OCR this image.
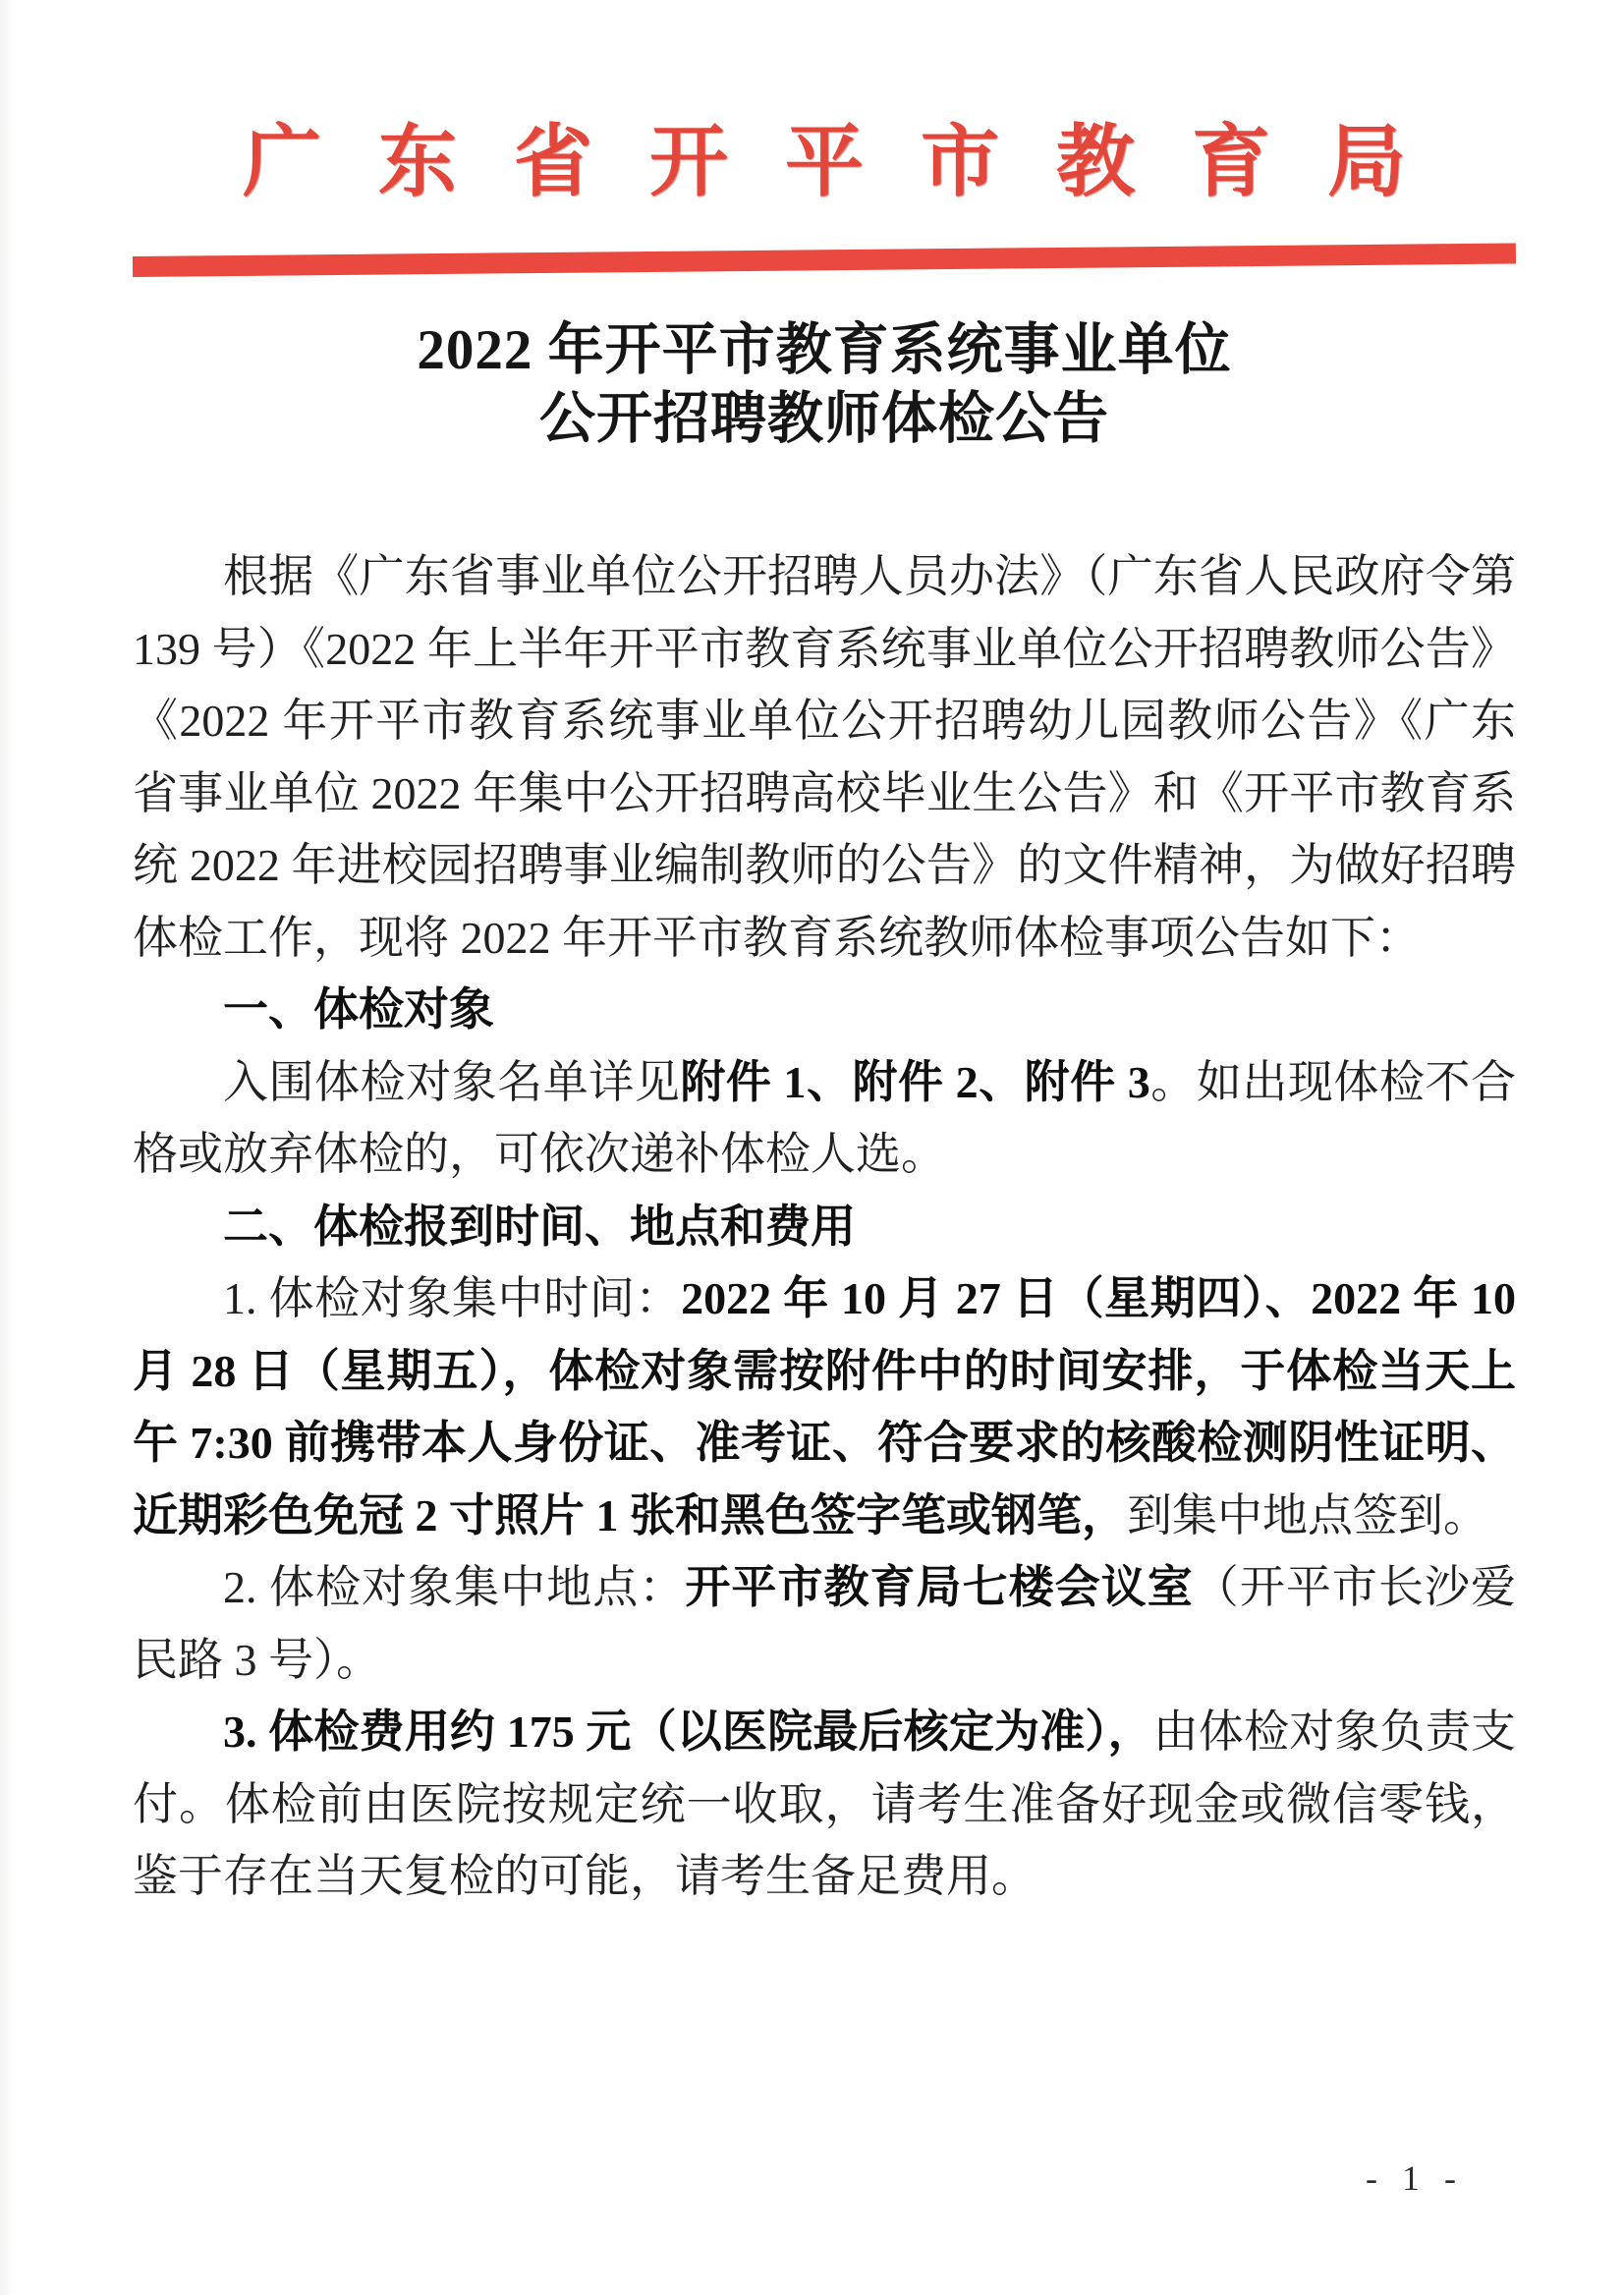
广东省开平市教育局
2022 年开平市教育系统事业单位
公开招聘教师体检公告

根据《广东省事业单位公开招聘人员办法》（广东省人民政府令第 139 号）《2022 年上半年开平市教育系统事业单位公开招聘教师公告》《2022 年开平市教育系统事业单位公开招聘幼儿园教师公告》《广东省事业单位 2022 年集中公开招聘高校毕业生公告》和《开平市教育系统 2022 年进校园招聘事业编制教师的公告》的文件精神，为做好招聘体检工作，现将 2022 年开平市教育系统教师体检事项公告如下：

一、体检对象

入围体检对象名单详见附件 1、附件 2、附件 3。如出现体检不合格或放弃体检的，可依次递补体检人选。

二、体检报到时间、地点和费用

1. 体检对象集中时间：2022 年 10 月 27 日（星期四）、2022 年 10 月 28 日（星期五），体检对象需按附件中的时间安排，于体检当天上午 7:30 前携带本人身份证、准考证、符合要求的核酸检测阴性证明、近期彩色免冠 2 寸照片 1 张和黑色签字笔或钢笔，到集中地点签到。

2. 体检对象集中地点：开平市教育局七楼会议室（开平市长沙爱民路 3 号）。

3. 体检费用约 175 元（以医院最后核定为准），由体检对象负责支付。体检前由医院按规定统一收取，请考生准备好现金或微信零钱，鉴于存在当天复检的可能，请考生备足费用。

- 1 -
